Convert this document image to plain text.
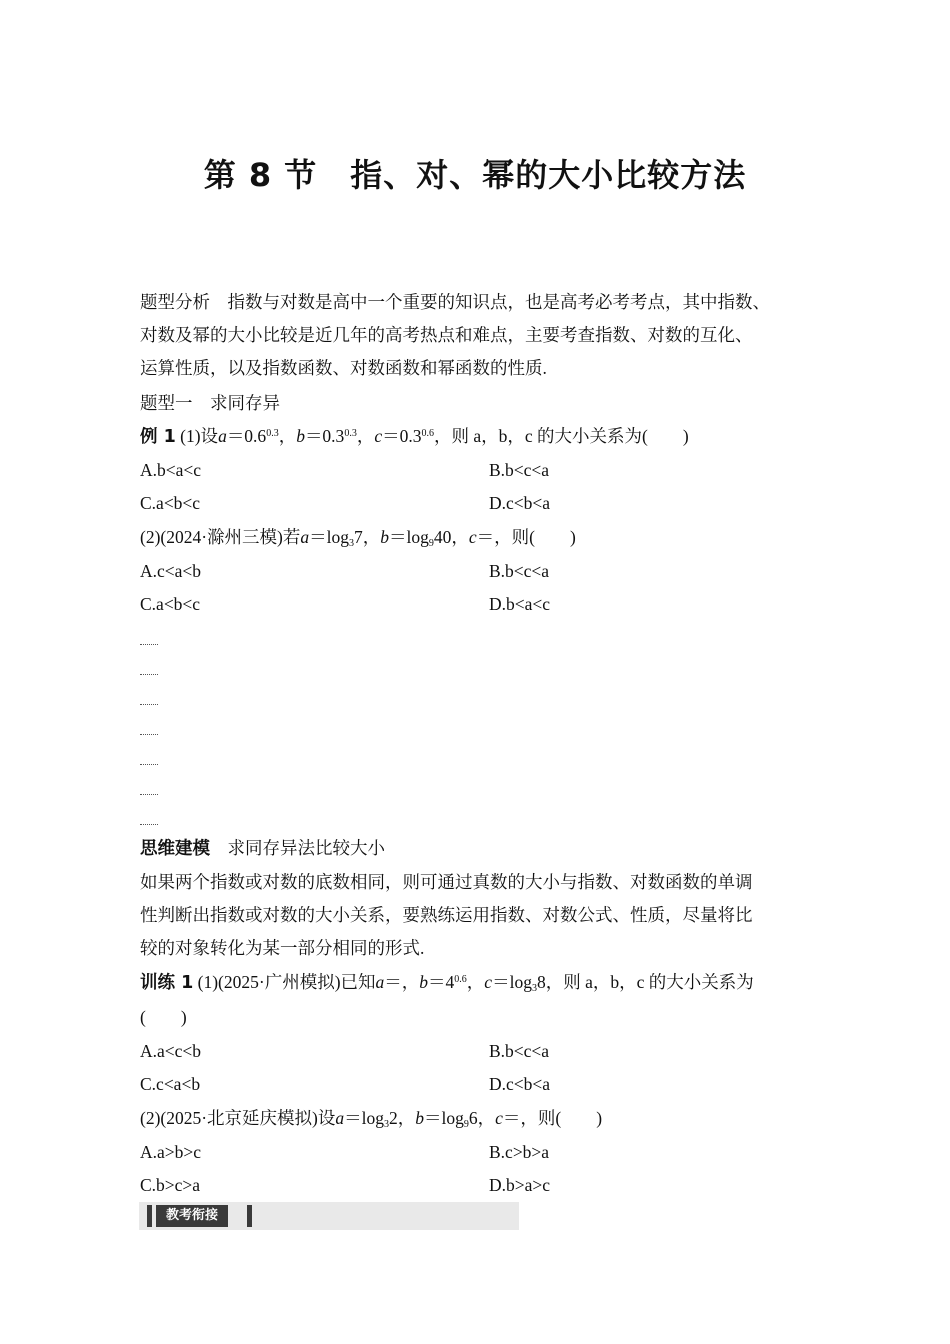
第 8 节　指、对、幂的大小比较方法
题型分析　 指数与对数是高中一个重要的知识点，也是高考必考考点，其中指数、
对数及幂的大小比较是近几年的高考热点和难点，主要考查指数、对数的互化、
运算性质，以及指数函数、对数函数和幂函数的性质.
题型一　求同存异
例 1 (1)设$a=0.6^{0.3}$，$b=0.3^{0.3}$，$c=0.3^{0.6}$，则 a，b，c 的大小关系为(　　)
A.b<a<c	B.b<c<a
C.a<b<c	D.c<b<a
(2)(2024·滁州三模)若$a=\log_37$，$b=\log_940$，c＝，则(　　)
A.c<a<b	B.b<c<a
C.a<b<c	D.b<a<c
思维建模　 求同存异法比较大小
如果两个指数或对数的底数相同，则可通过真数的大小与指数、对数函数的单调
性判断出指数或对数的大小关系，要熟练运用指数、对数公式、性质，尽量将比
较的对象转化为某一部分相同的形式.
训练 1 (1)(2025·广州模拟)已知a＝，$b=4^{0.6}$，$c=\log_38$，则 a，b，c 的大小关系为
(　　)
A.a<c<b	B.b<c<a
C.c<a<b	D.c<b<a
(2)(2025·北京延庆模拟)设$a=\log_32$，$b=\log_96$，c＝，则(　　)
A.a>b>c	B.c>b>a
C.b>c>a	D.b>a>c
教考衔接
